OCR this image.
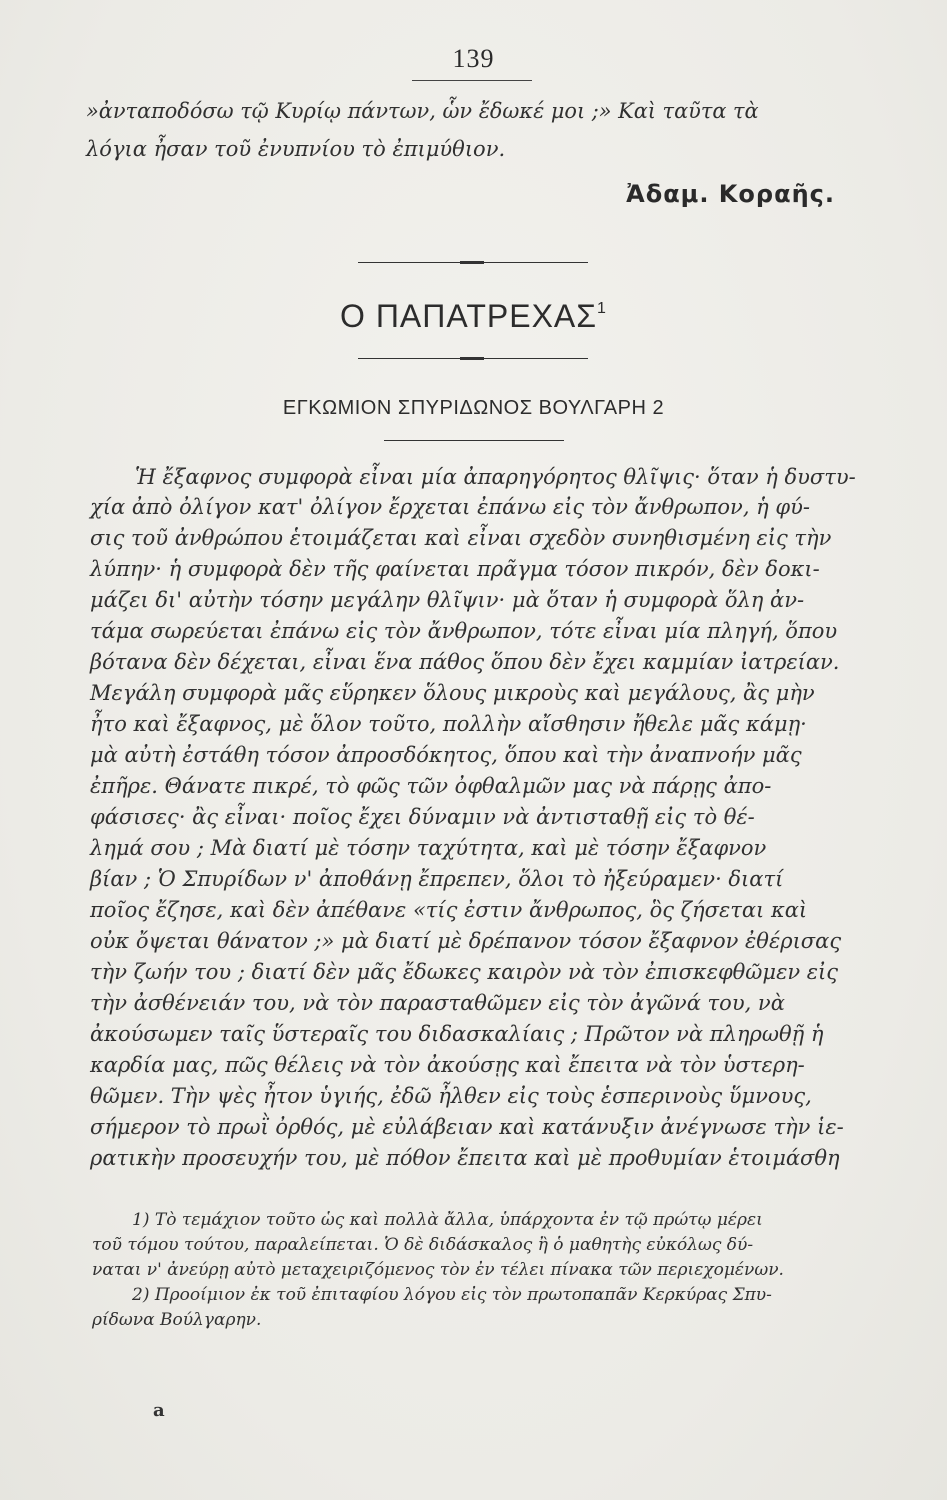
139
»ἀνταποδόσω τῷ Κυρίῳ πάντων, ὧν ἔδωκέ μοι ;» Καὶ ταῦτα τὰ
λόγια ἦσαν τοῦ ἐνυπνίου τὸ ἐπιμύθιον.
Ἀδαμ. Κοραῆς.
Ο ΠΑΠΑΤΡΕΧΑΣ$^1$
ΕΓΚΩΜΙΟΝ ΣΠΥΡΙΔΩΝΟΣ ΒΟΥΛΓΑΡΗ 2
Ἡ ἔξαφνος συμφορὰ εἶναι μία ἀπαρηγόρητος θλῖψις· ὅταν ἡ δυστυ-
χία ἀπὸ ὀλίγον κατ' ὀλίγον ἔρχεται ἐπάνω εἰς τὸν ἄνθρωπον, ἡ φύ-
σις τοῦ ἀνθρώπου ἑτοιμάζεται καὶ εἶναι σχεδὸν συνηθισμένη εἰς τὴν
λύπην· ἡ συμφορὰ δὲν τῆς φαίνεται πρᾶγμα τόσον πικρόν, δὲν δοκι-
μάζει δι' αὐτὴν τόσην μεγάλην θλῖψιν· μὰ ὅταν ἡ συμφορὰ ὅλη ἀν-
τάμα σωρεύεται ἐπάνω εἰς τὸν ἄνθρωπον, τότε εἶναι μία πληγή, ὅπου
βότανα δὲν δέχεται, εἶναι ἕνα πάθος ὅπου δὲν ἔχει καμμίαν ἰατρείαν.
Μεγάλη συμφορὰ μᾶς εὕρηκεν ὅλους μικροὺς καὶ μεγάλους, ἂς μὴν
ἦτο καὶ ἔξαφνος, μὲ ὅλον τοῦτο, πολλὴν αἴσθησιν ἤθελε μᾶς κάμῃ·
μὰ αὐτὴ ἐστάθη τόσον ἀπροσδόκητος, ὅπου καὶ τὴν ἀναπνοήν μᾶς
ἐπῆρε. Θάνατε πικρέ, τὸ φῶς τῶν ὀφθαλμῶν μας νὰ πάρῃς ἀπο-
φάσισες· ἂς εἶναι· ποῖος ἔχει δύναμιν νὰ ἀντισταθῇ εἰς τὸ θέ-
λημά σου ; Μὰ διατί μὲ τόσην ταχύτητα, καὶ μὲ τόσην ἔξαφνον
βίαν ; Ὁ Σπυρίδων ν' ἀποθάνῃ ἔπρεπεν, ὅλοι τὸ ἠξεύραμεν· διατί
ποῖος ἔζησε, καὶ δὲν ἀπέθανε «τίς ἐστιν ἄνθρωπος, ὃς ζήσεται καὶ
οὐκ ὄψεται θάνατον ;» μὰ διατί μὲ δρέπανον τόσον ἔξαφνον ἐθέρισας
τὴν ζωήν του ; διατί δὲν μᾶς ἔδωκες καιρὸν νὰ τὸν ἐπισκεφθῶμεν εἰς
τὴν ἀσθένειάν του, νὰ τὸν παρασταθῶμεν εἰς τὸν ἀγῶνά του, νὰ
ἀκούσωμεν ταῖς ὕστεραῖς του διδασκαλίαις ; Πρῶτον νὰ πληρωθῇ ἡ
καρδία μας, πῶς θέλεις νὰ τὸν ἀκούσῃς καὶ ἔπειτα νὰ τὸν ὑστερη-
θῶμεν. Τὴν ψὲς ἦτον ὑγιής, ἐδῶ ἦλθεν εἰς τοὺς ἑσπερινοὺς ὕμνους,
σήμερον τὸ πρωῒ ὀρθός, μὲ εὐλάβειαν καὶ κατάνυξιν ἀνέγνωσε τὴν ἱε-
ρατικὴν προσευχήν του, μὲ πόθον ἔπειτα καὶ μὲ προθυμίαν ἑτοιμάσθη
1) Τὸ τεμάχιον τοῦτο ὡς καὶ πολλὰ ἄλλα, ὑπάρχοντα ἐν τῷ πρώτῳ μέρει
τοῦ τόμου τούτου, παραλείπεται. Ὁ δὲ διδάσκαλος ἢ ὁ μαθητὴς εὐκόλως δύ-
ναται ν' ἀνεύρῃ αὐτὸ μεταχειριζόμενος τὸν ἐν τέλει πίνακα τῶν περιεχομένων.
2) Προοίμιον ἐκ τοῦ ἐπιταφίου λόγου εἰς τὸν πρωτοπαπᾶν Κερκύρας Σπυ-
ρίδωνα Βούλγαρην.
a
